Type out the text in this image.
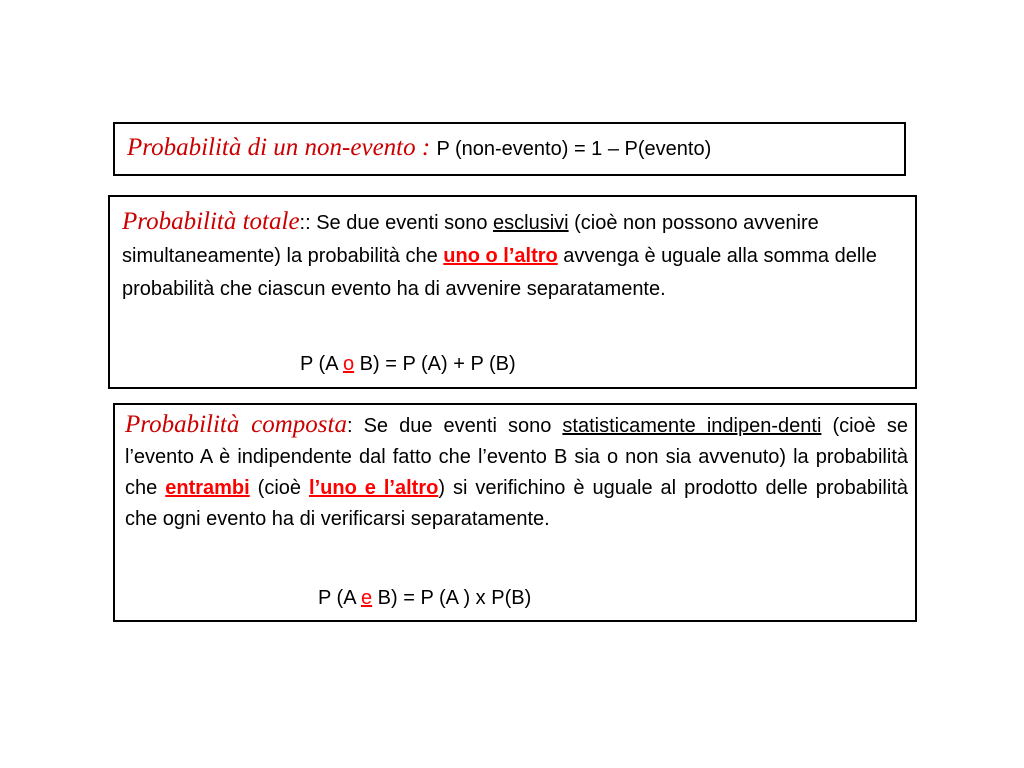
Probabilità di un non-evento : P (non-evento) = 1 – P(evento)
Probabilità totale:: Se due eventi sono esclusivi (cioè non possono avvenire simultaneamente) la probabilità che uno o l’altro avvenga è uguale alla somma delle probabilità che ciascun evento ha di avvenire separatamente.
P (A o B) = P (A) + P (B)
Probabilità composta: Se due eventi sono statisticamente indipen-denti (cioè se l’evento A è indipendente dal fatto che l’evento B sia o non sia avvenuto) la probabilità che entrambi (cioè l’uno e l’altro) si verifichino è uguale al prodotto delle probabilità che ogni evento ha di verificarsi separatamente.
P (A e B) = P (A ) x P(B)
